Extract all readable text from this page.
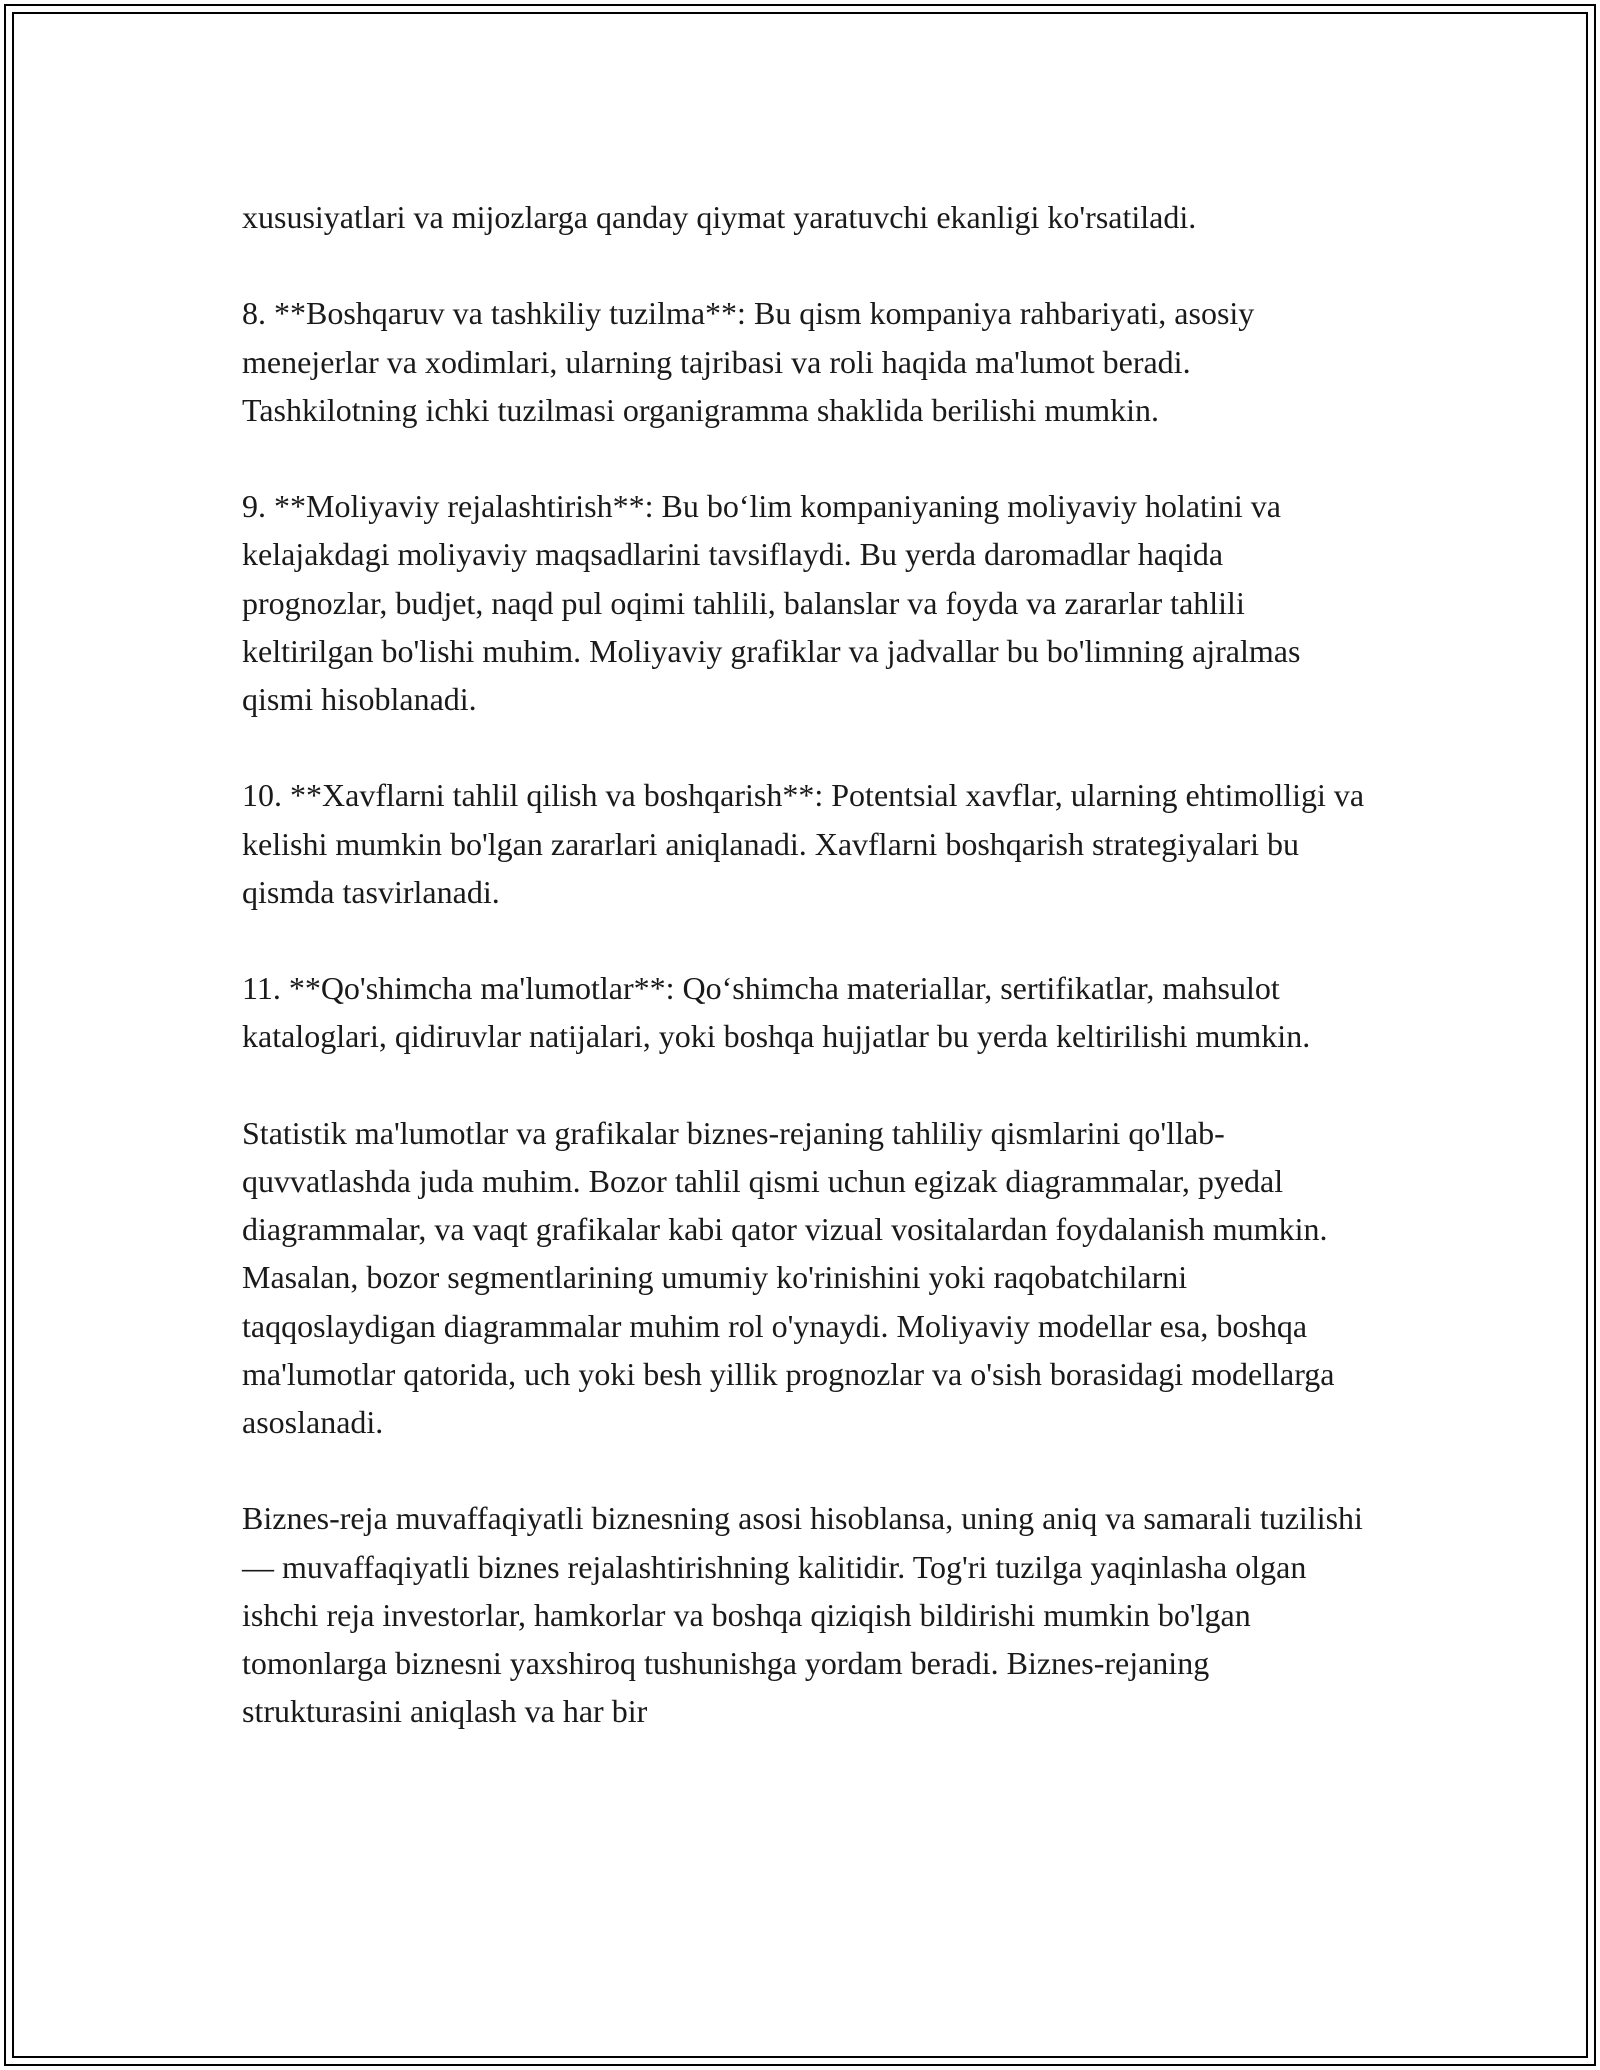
xususiyatlari va mijozlarga qanday qiymat yaratuvchi ekanligi ko'rsatiladi.

8. **Boshqaruv va tashkiliy tuzilma**: Bu qism kompaniya rahbariyati, asosiy menejerlar va xodimlari, ularning tajribasi va roli haqida ma'lumot beradi. Tashkilotning ichki tuzilmasi organigramma shaklida berilishi mumkin.

9. **Moliyaviy rejalashtirish**: Bu bo‘lim kompaniyaning moliyaviy holatini va kelajakdagi moliyaviy maqsadlarini tavsiflaydi. Bu yerda daromadlar haqida prognozlar, budjet, naqd pul oqimi tahlili, balanslar va foyda va zararlar tahlili keltirilgan bo'lishi muhim. Moliyaviy grafiklar va jadvallar bu bo'limning ajralmas qismi hisoblanadi.

10. **Xavflarni tahlil qilish va boshqarish**: Potentsial xavflar, ularning ehtimolligi va kelishi mumkin bo'lgan zararlari aniqlanadi. Xavflarni boshqarish strategiyalari bu qismda tasvirlanadi.

11. **Qo'shimcha ma'lumotlar**: Qo‘shimcha materiallar, sertifikatlar, mahsulot kataloglari, qidiruvlar natijalari, yoki boshqa hujjatlar bu yerda keltirilishi mumkin.

Statistik ma'lumotlar va grafikalar biznes-rejaning tahliliy qismlarini qo'llab-quvvatlashda juda muhim. Bozor tahlil qismi uchun egizak diagrammalar, pyedal diagrammalar, va vaqt grafikalar kabi qator vizual vositalardan foydalanish mumkin. Masalan, bozor segmentlarining umumiy ko'rinishini yoki raqobatchilarni taqqoslaydigan diagrammalar muhim rol o'ynaydi. Moliyaviy modellar esa, boshqa ma'lumotlar qatorida, uch yoki besh yillik prognozlar va o'sish borasidagi modellarga asoslanadi.

Biznes-reja muvaffaqiyatli biznesning asosi hisoblansa, uning aniq va samarali tuzilishi — muvaffaqiyatli biznes rejalashtirishning kalitidir. Tog'ri tuzilga yaqinlasha olgan ishchi reja investorlar, hamkorlar va boshqa qiziqish bildirishi mumkin bo'lgan tomonlarga biznesni yaxshiroq tushunishga yordam beradi. Biznes-rejaning strukturasini aniqlash va har bir
